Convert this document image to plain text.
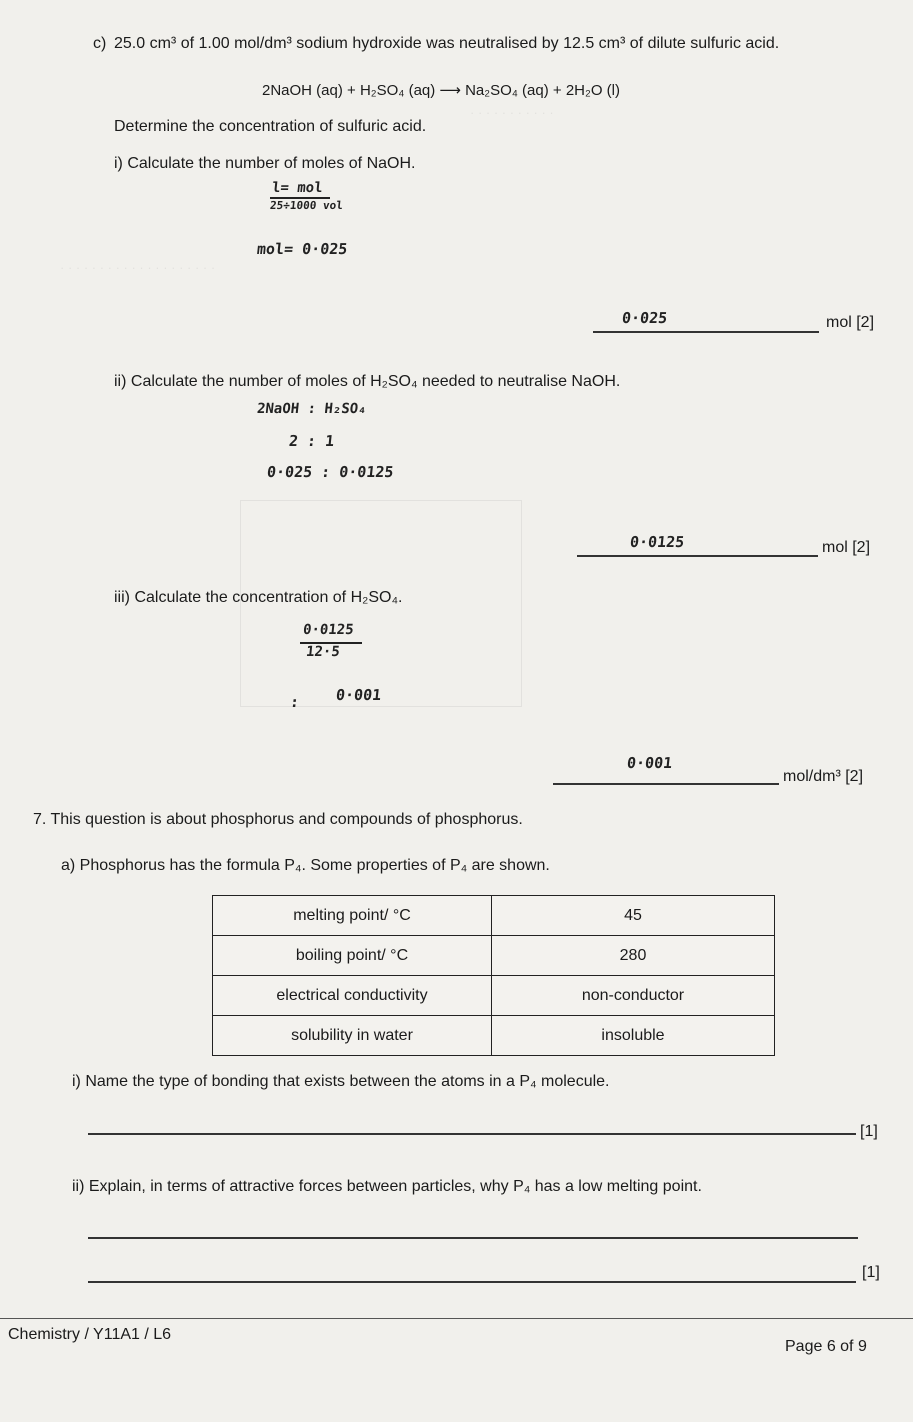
· · · · · · · · · · ·
· · · · · · · · · · · · · · · · · · · ·
c) 25.0 cm³ of 1.00 mol/dm³ sodium hydroxide was neutralised by 12.5 cm³ of dilute sulfuric acid.
2NaOH (aq) + H₂SO₄ (aq) ⟶ Na₂SO₄ (aq) + 2H₂O (l)
Determine the concentration of sulfuric acid.
i) Calculate the number of moles of NaOH.
l= mol
25÷1000 vol
mol= 0·025
0·025	mol [2]
ii) Calculate the number of moles of H₂SO₄ needed to neutralise NaOH.
2NaOH : H₂SO₄
2 : 1
0·025 : 0·0125
0·0125	mol [2]
iii) Calculate the concentration of H₂SO₄.
0·0125
12·5
: 0·001
0·001
mol/dm³ [2]
7. This question is about phosphorus and compounds of phosphorus.
a) Phosphorus has the formula P₄. Some properties of P₄ are shown.
melting point/ °C	45
boiling point/ °C	280
electrical conductivity	non-conductor
solubility in water	insoluble
i) Name the type of bonding that exists between the atoms in a P₄ molecule.
[1]
ii) Explain, in terms of attractive forces between particles, why P₄ has a low melting point.
[1]
Chemistry / Y11A1 / L6
Page 6 of 9
